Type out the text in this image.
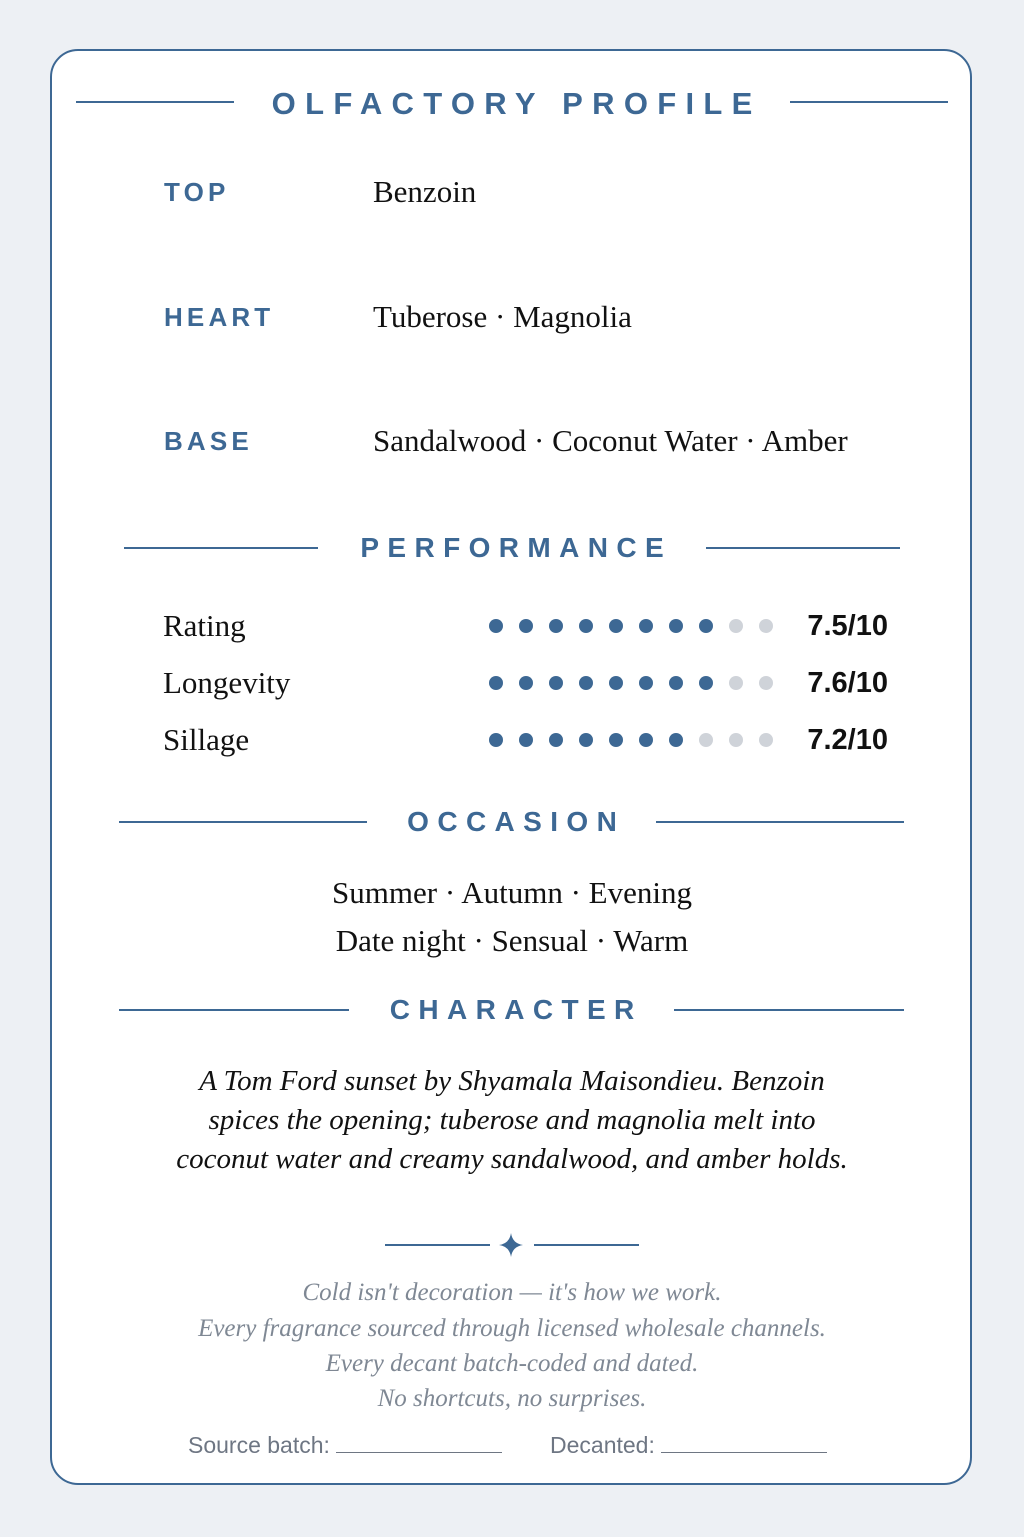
OLFACTORY PROFILE
TOP	Benzoin
HEART	Tuberose · Magnolia
BASE	Sandalwood · Coconut Water · Amber
PERFORMANCE
Rating	7.5/10
Longevity	7.6/10
Sillage	7.2/10
OCCASION
Summer · Autumn · Evening
Date night · Sensual · Warm
CHARACTER
A Tom Ford sunset by Shyamala Maisondieu. Benzoin
spices the opening; tuberose and magnolia melt into
coconut water and creamy sandalwood, and amber holds.
Cold isn't decoration — it's how we work.
Every fragrance sourced through licensed wholesale channels.
Every decant batch-coded and dated.
No shortcuts, no surprises.
Source batch:	Decanted:
